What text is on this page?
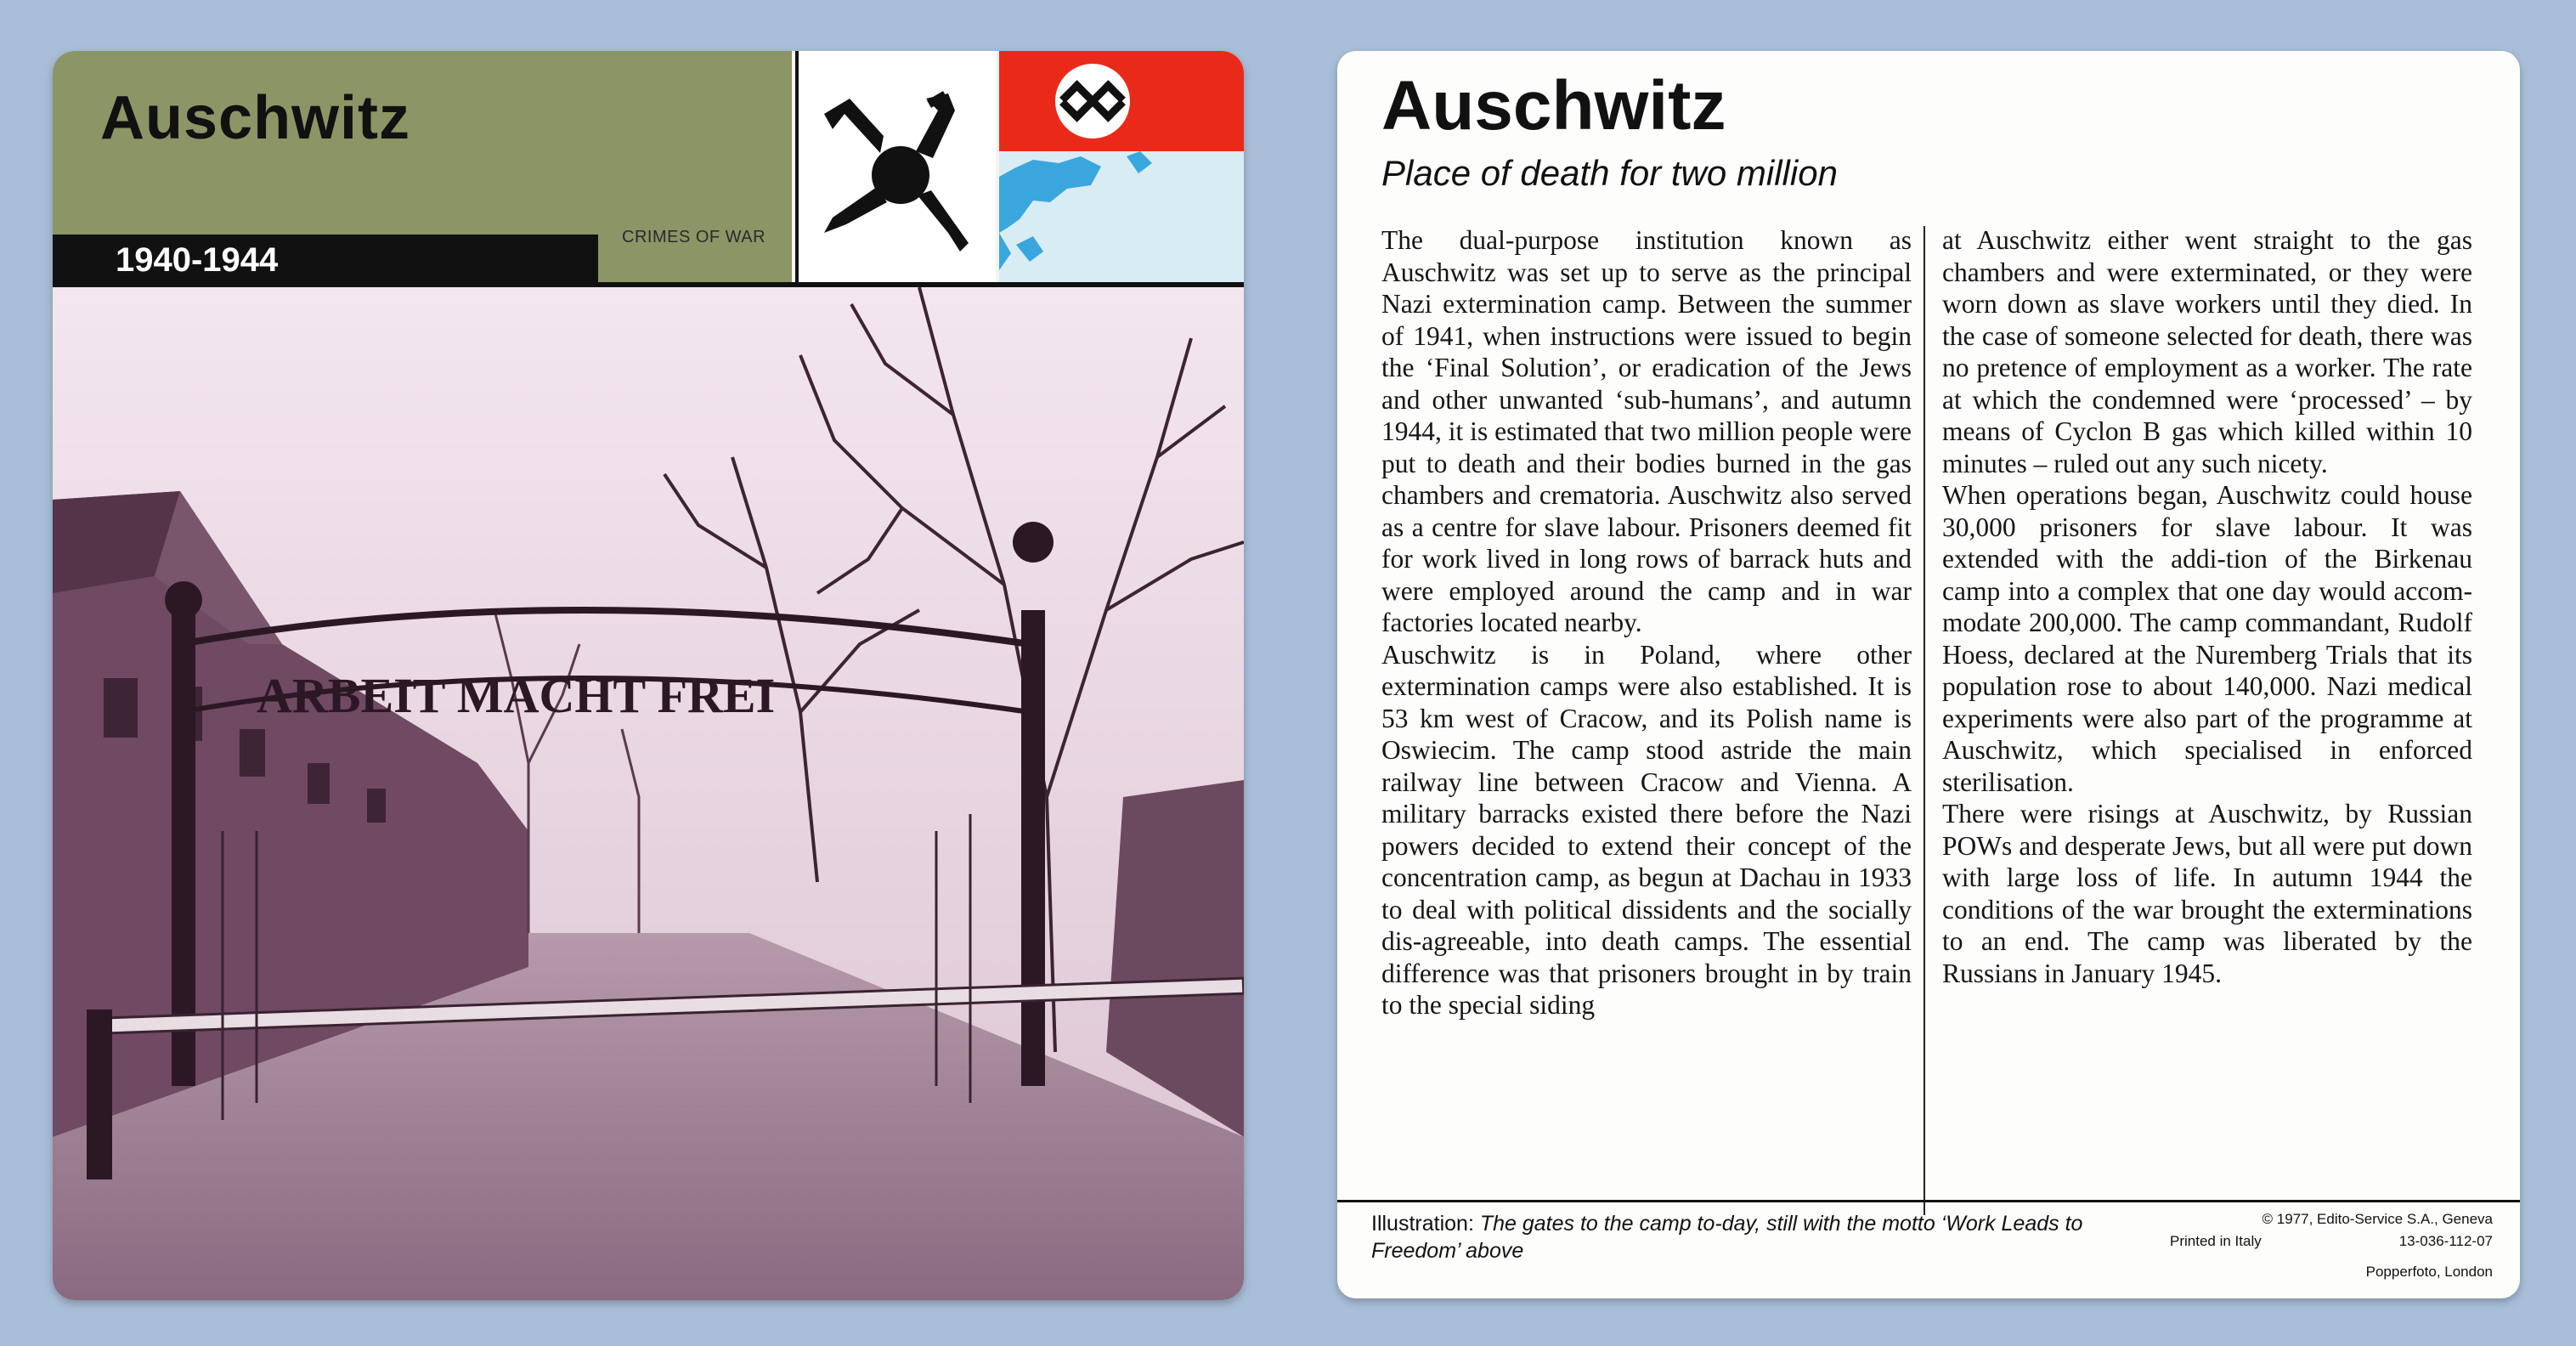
Auschwitz
CRIMES OF WAR
1940-1944
ARBEIT MACHT FREI
Auschwitz
Place of death for two million

The dual-purpose institution known as Auschwitz was set up to serve as the principal Nazi extermination camp. Between the summer of 1941, when instructions were issued to begin the ‘Final Solution’, or eradication of the Jews and other unwanted ‘sub-humans’, and autumn 1944, it is estimated that two million people were put to death and their bodies burned in the gas chambers and crematoria. Auschwitz also served as a centre for slave labour. Prisoners deemed fit for work lived in long rows of barrack huts and were employed around the camp and in war factories located nearby.

Auschwitz is in Poland, where other extermination camps were also established. It is 53 km west of Cracow, and its Polish name is Oswiecim. The camp stood astride the main railway line between Cracow and Vienna. A military barracks existed there before the Nazi powers decided to extend their concept of the concentration camp, as begun at Dachau in 1933 to deal with political dissidents and the socially dis-agreeable, into death camps. The essential difference was that prisoners brought in by train to the special siding

at Auschwitz either went straight to the gas chambers and were exterminated, or they were worn down as slave workers until they died. In the case of someone selected for death, there was no pretence of employment as a worker. The rate at which the condemned were ‘processed’ – by means of Cyclon B gas which killed within 10 minutes – ruled out any such nicety.

When operations began, Auschwitz could house 30,000 prisoners for slave labour. It was extended with the addi-tion of the Birkenau camp into a complex that one day would accom-modate 200,000. The camp commandant, Rudolf Hoess, declared at the Nuremberg Trials that its population rose to about 140,000. Nazi medical experiments were also part of the programme at Auschwitz, which specialised in enforced sterilisation.

There were risings at Auschwitz, by Russian POWs and desperate Jews, but all were put down with large loss of life. In autumn 1944 the conditions of the war brought the exterminations to an end. The camp was liberated by the Russians in January 1945.

Illustration: The gates to the camp to-day, still with the motto ‘Work Leads to Freedom’ above
© 1977, Edito-Service S.A., Geneva
Printed in Italy	13-036-112-07
Popperfoto, London
